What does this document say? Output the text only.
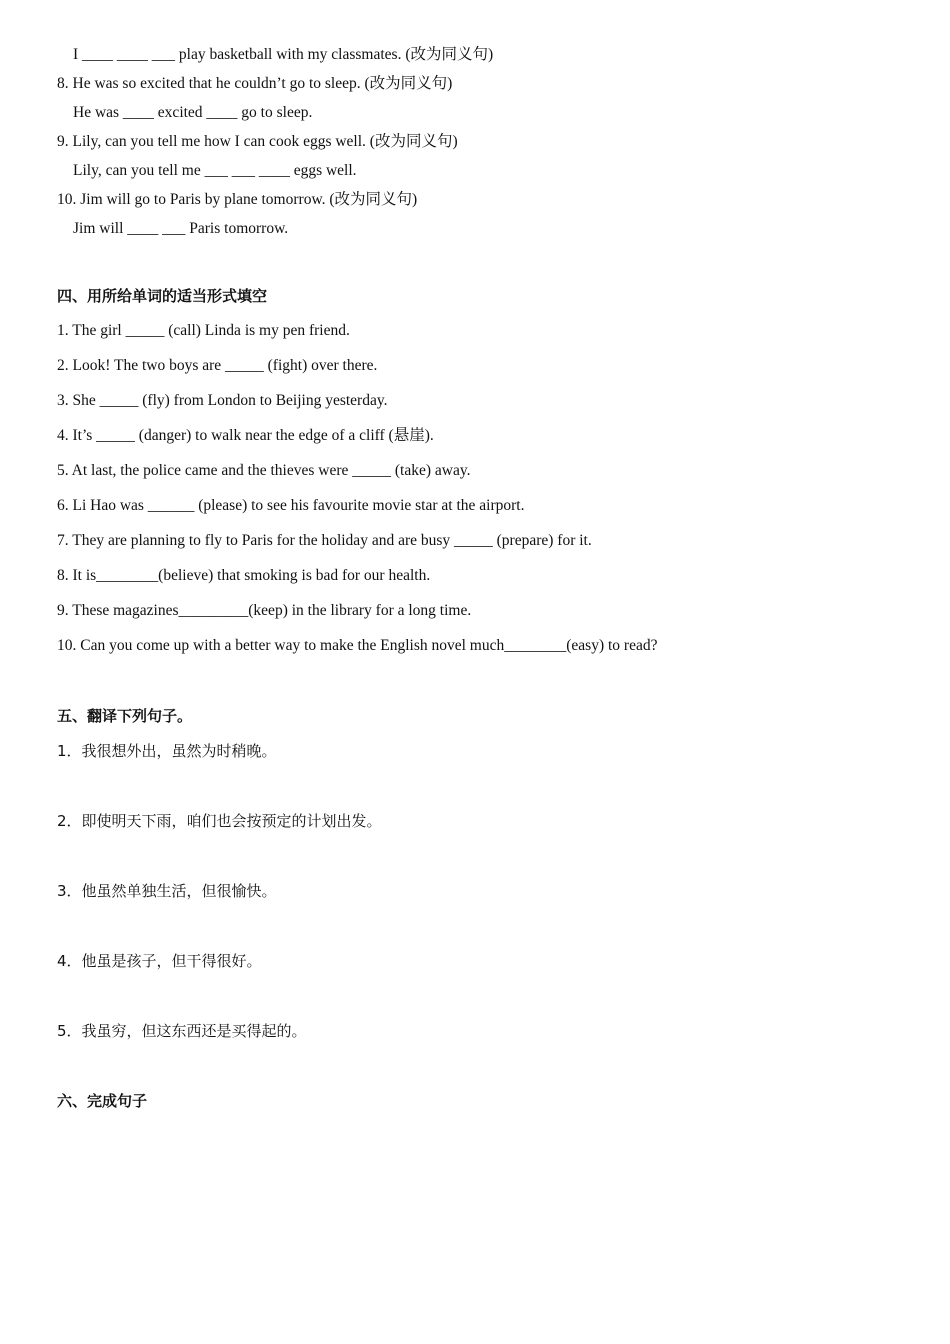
I ____ ____ ___ play basketball with my classmates. (改为同义句)
8. He was so excited that he couldn’t go to sleep. (改为同义句)
He was ____ excited ____ go to sleep.
9. Lily, can you tell me how I can cook eggs well. (改为同义句)
Lily, can you tell me ___ ___ ____ eggs well.
10. Jim will go to Paris by plane tomorrow. (改为同义句)
Jim will ____ ___ Paris tomorrow.
四、用所给单词的适当形式填空
1. The girl _____ (call) Linda is my pen friend.
2. Look! The two boys are _____ (fight) over there.
3. She _____ (fly) from London to Beijing yesterday.
4. It’s _____ (danger) to walk near the edge of a cliff (悬崖).
5. At last, the police came and the thieves were _____ (take) away.
6. Li Hao was ______ (please) to see his favourite movie star at the airport.
7. They are planning to fly to Paris for the holiday and are busy _____ (prepare) for it.
8. It is________(believe) that smoking is bad for our health.
9. These magazines_________(keep) in the library for a long time.
10. Can you come up with a better way to make the English novel much________(easy) to read?
五、翻译下列句子。
1．我很想外出，虽然为时稍晚。
2．即使明天下雨，咱们也会按预定的计划出发。
3．他虽然单独生活，但很愉快。
4．他虽是孩子，但干得很好。
5．我虽穷，但这东西还是买得起的。
六、完成句子
